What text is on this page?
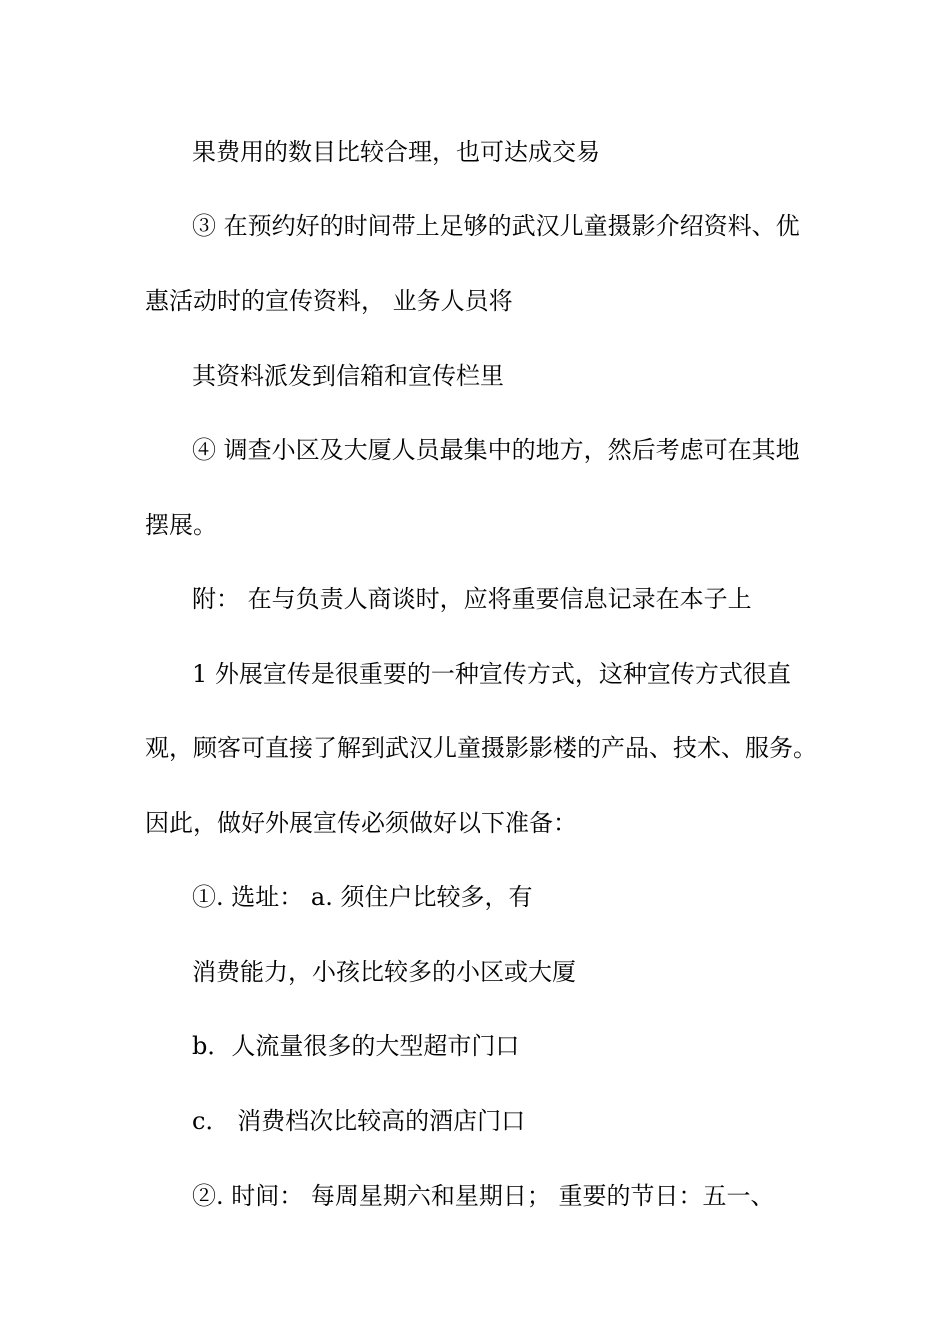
果费用的数目比较合理，也可达成交易
③ 在预约好的时间带上足够的武汉儿童摄影介绍资料、优
惠活动时的宣传资料， 业务人员将
其资料派发到信箱和宣传栏里
④ 调查小区及大厦人员最集中的地方，然后考虑可在其地
摆展。
附： 在与负责人商谈时，应将重要信息记录在本子上
1 外展宣传是很重要的一种宣传方式，这种宣传方式很直
观，顾客可直接了解到武汉儿童摄影影楼的产品、技术、服务。
因此，做好外展宣传必须做好以下准备：
①. 选址： a. 须住户比较多，有
消费能力，小孩比较多的小区或大厦
b．人流量很多的大型超市门口
c． 消费档次比较高的酒店门口
②. 时间： 每周星期六和星期日； 重要的节日：五一、
